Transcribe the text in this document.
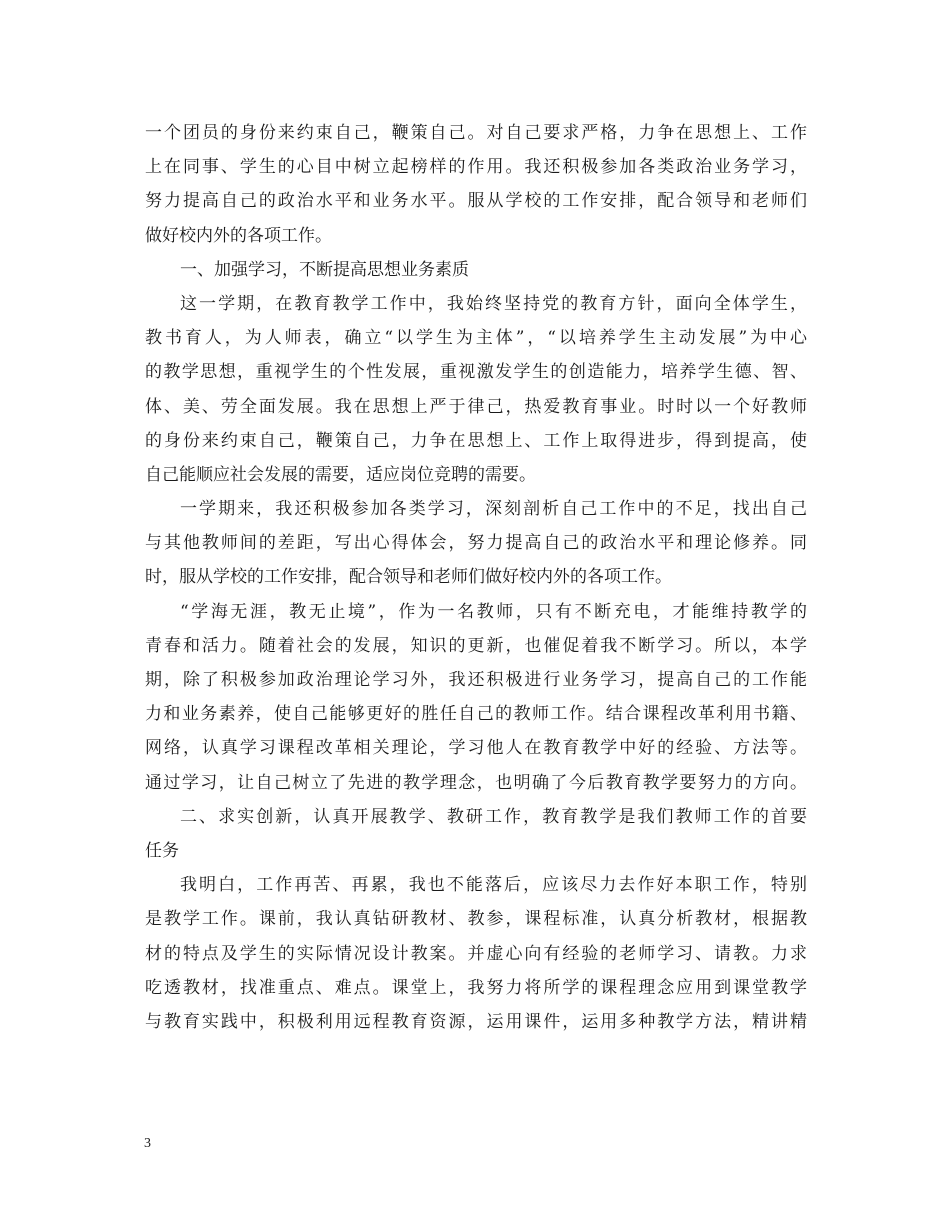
一个团员的身份来约束自己，鞭策自己。对自己要求严格，力争在思想上、工作
上在同事、学生的心目中树立起榜样的作用。我还积极参加各类政治业务学习，
努力提高自己的政治水平和业务水平。服从学校的工作安排，配合领导和老师们
做好校内外的各项工作。
一、加强学习，不断提高思想业务素质
这一学期，在教育教学工作中，我始终坚持党的教育方针，面向全体学生，
教书育人，为人师表，确立“以学生为主体”，“以培养学生主动发展”为中心
的教学思想，重视学生的个性发展，重视激发学生的创造能力，培养学生德、智、
体、美、劳全面发展。我在思想上严于律己，热爱教育事业。时时以一个好教师
的身份来约束自己，鞭策自己，力争在思想上、工作上取得进步，得到提高，使
自己能顺应社会发展的需要，适应岗位竞聘的需要。
一学期来，我还积极参加各类学习，深刻剖析自己工作中的不足，找出自己
与其他教师间的差距，写出心得体会，努力提高自己的政治水平和理论修养。同
时，服从学校的工作安排，配合领导和老师们做好校内外的各项工作。
“学海无涯，教无止境”，作为一名教师，只有不断充电，才能维持教学的
青春和活力。随着社会的发展，知识的更新，也催促着我不断学习。所以，本学
期，除了积极参加政治理论学习外，我还积极进行业务学习，提高自己的工作能
力和业务素养，使自己能够更好的胜任自己的教师工作。结合课程改革利用书籍、
网络，认真学习课程改革相关理论，学习他人在教育教学中好的经验、方法等。
通过学习，让自己树立了先进的教学理念，也明确了今后教育教学要努力的方向。
二、求实创新，认真开展教学、教研工作，教育教学是我们教师工作的首要
任务
我明白，工作再苦、再累，我也不能落后，应该尽力去作好本职工作，特别
是教学工作。课前，我认真钻研教材、教参，课程标准，认真分析教材，根据教
材的特点及学生的实际情况设计教案。并虚心向有经验的老师学习、请教。力求
吃透教材，找准重点、难点。课堂上，我努力将所学的课程理念应用到课堂教学
与教育实践中，积极利用远程教育资源，运用课件，运用多种教学方法，精讲精
3
